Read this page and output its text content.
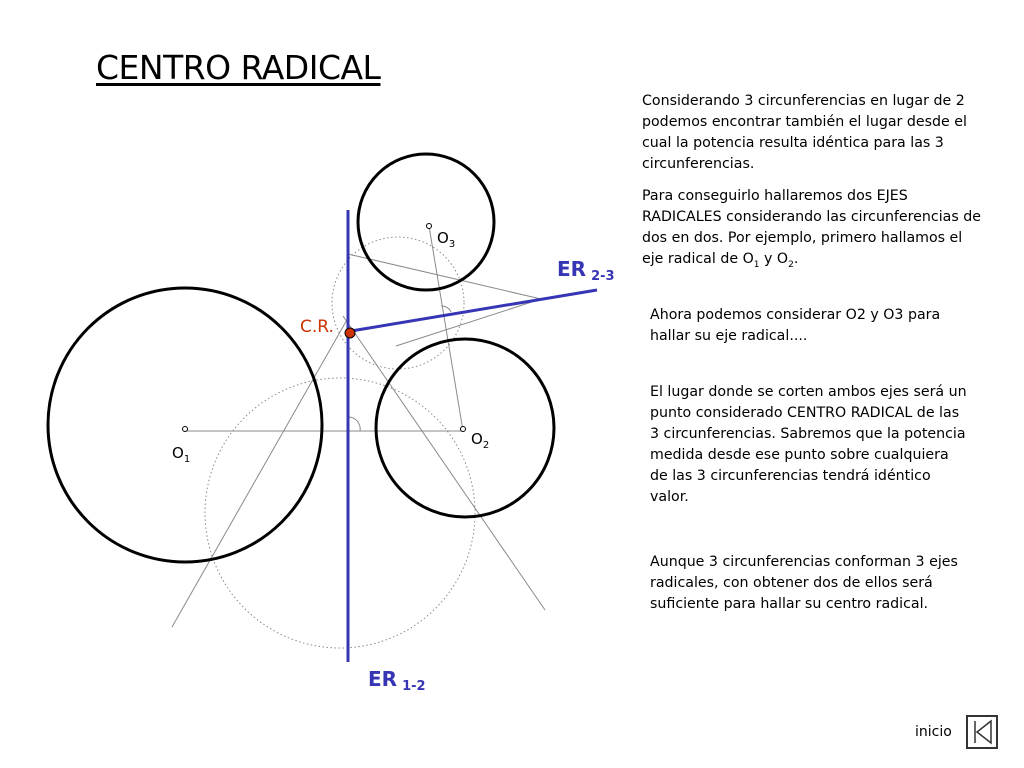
CENTRO RADICAL
$O_1$
$O_2$
$O_3$
ER $_{2-3}$
ER $_{1-2}$
C.R.

Considerando 3 circunferencias en lugar de 2 podemos encontrar también el lugar desde el cual la potencia resulta idéntica para las 3 circunferencias.

Para conseguirlo hallaremos dos EJES RADICALES considerando las circunferencias de dos en dos. Por ejemplo, primero hallamos el eje radical de $O_1$ y $O_2$.

Ahora podemos considerar O2 y O3 para hallar su eje radical....

El lugar donde se corten ambos ejes será un punto considerado CENTRO RADICAL de las 3 circunferencias. Sabremos que la potencia medida desde ese punto sobre cualquiera de las 3 circunferencias tendrá idéntico valor.

Aunque 3 circunferencias conforman 3 ejes radicales, con obtener dos de ellos será suficiente para hallar su centro radical.

inicio
